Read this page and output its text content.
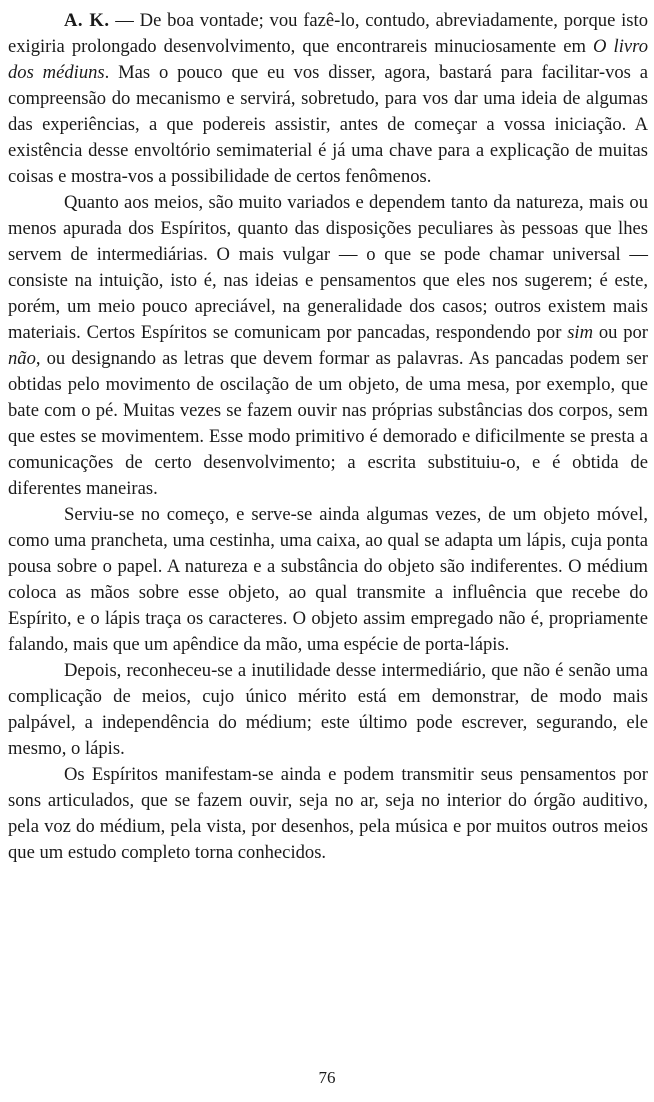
A. K. — De boa vontade; vou fazê-lo, contudo, abreviadamente, porque isto exigiria prolongado desenvolvimento, que encontrareis minuciosamente em O livro dos médiuns. Mas o pouco que eu vos disser, agora, bastará para facilitar-vos a compreensão do mecanismo e servirá, sobretudo, para vos dar uma ideia de algumas das experiências, a que podereis assistir, antes de começar a vossa iniciação. A existência desse envoltório semimaterial é já uma chave para a explicação de muitas coisas e mostra-vos a possibilidade de certos fenômenos.

Quanto aos meios, são muito variados e dependem tanto da natureza, mais ou menos apurada dos Espíritos, quanto das disposições peculiares às pessoas que lhes servem de intermediárias. O mais vulgar — o que se pode chamar universal — consiste na intuição, isto é, nas ideias e pensamentos que eles nos sugerem; é este, porém, um meio pouco apreciável, na generalidade dos casos; outros existem mais materiais. Certos Espíritos se comunicam por pancadas, respondendo por sim ou por não, ou designando as letras que devem formar as palavras. As pancadas podem ser obtidas pelo movimento de oscilação de um objeto, de uma mesa, por exemplo, que bate com o pé. Muitas vezes se fazem ouvir nas próprias substâncias dos corpos, sem que estes se movimentem. Esse modo primitivo é demorado e dificilmente se presta a comunicações de certo desenvolvimento; a escrita substituiu-o, e é obtida de diferentes maneiras.

Serviu-se no começo, e serve-se ainda algumas vezes, de um objeto móvel, como uma prancheta, uma cestinha, uma caixa, ao qual se adapta um lápis, cuja ponta pousa sobre o papel. A natureza e a substância do objeto são indiferentes. O médium coloca as mãos sobre esse objeto, ao qual transmite a influência que recebe do Espírito, e o lápis traça os caracteres. O objeto assim empregado não é, propriamente falando, mais que um apêndice da mão, uma espécie de porta-lápis.

Depois, reconheceu-se a inutilidade desse intermediário, que não é senão uma complicação de meios, cujo único mérito está em demonstrar, de modo mais palpável, a independência do médium; este último pode escrever, segurando, ele mesmo, o lápis.

Os Espíritos manifestam-se ainda e podem transmitir seus pensamentos por sons articulados, que se fazem ouvir, seja no ar, seja no interior do órgão auditivo, pela voz do médium, pela vista, por desenhos, pela música e por muitos outros meios que um estudo completo torna conhecidos.

76
